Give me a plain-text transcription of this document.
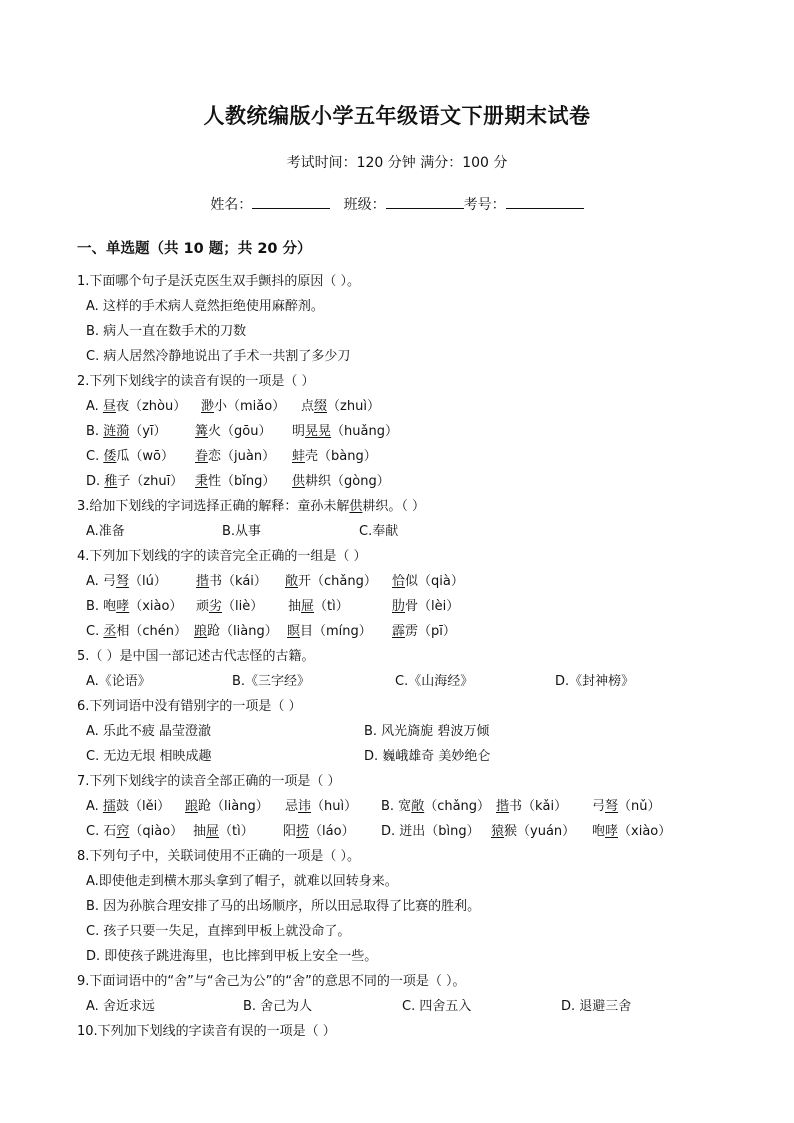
人教统编版小学五年级语文下册期末试卷
考试时间：120 分钟 满分：100 分
姓名：	班级：	考号：
一、单选题（共 10 题；共 20 分）
1.下面哪个句子是沃克医生双手颤抖的原因（ ）。
A. 这样的手术病人竟然拒绝使用麻醉剂。
B. 病人一直在数手术的刀数
C. 病人居然冷静地说出了手术一共割了多少刀
2.下列下划线字的读音有误的一项是（ ）
A. 昼夜（zhòu） 渺小（miǎo） 点缀（zhuì）
B. 涟漪（yī） 篝火（gōu） 明晃晃（huǎng）
C. 倭瓜（wō） 眷恋（juàn） 蚌壳（bàng）
D. 稚子（zhuī） 秉性（bǐng） 供耕织（gòng）
3.给加下划线的字词选择正确的解释：童孙未解供耕织。（ ）
A.准备	B.从事	C.奉献
4.下列加下划线的字的读音完全正确的一组是（ ）
A. 弓弩（lú） 揩书（kái） 敞开（chǎng） 恰似（qià）
B. 咆哮（xiào） 顽劣（liè） 抽屉（tì）	肋骨（lèi）
C. 丞相（chén） 踉跄（liàng） 瞑目（míng） 霹雳（pī）
5.（ ）是中国一部记述古代志怪的古籍。
A.《论语》	B.《三字经》	C.《山海经》	D.《封神榜》
6.下列词语中没有错别字的一项是（ ）
A. 乐此不疲 晶莹澄澈	B. 风光旖旎 碧波万倾
C. 无边无垠 相映成趣	D. 巍峨雄奇 美妙绝仑
7.下列下划线字的读音全部正确的一项是（ ）
A. 擂鼓（lěi） 踉跄（liàng） 忌讳（huì） B. 宽敞（chǎng） 揩书（kǎi） 弓弩（nǔ）
C. 石窍（qiào） 抽屉（tì） 阳捞（láo） D. 迸出（bìng） 猿猴（yuán） 咆哮（xiào）
8.下列句子中，关联词使用不正确的一项是（ ）。
A.即使他走到横木那头拿到了帽子，就难以回转身来。
B. 因为孙膑合理安排了马的出场顺序，所以田忌取得了比赛的胜利。
C. 孩子只要一失足，直摔到甲板上就没命了。
D. 即使孩子跳进海里，也比摔到甲板上安全一些。
9.下面词语中的“舍”与“舍己为公”的“舍”的意思不同的一项是（ ）。
A. 舍近求远	B. 舍己为人	C. 四舍五入	D. 退避三舍
10.下列加下划线的字读音有误的一项是（ ）
